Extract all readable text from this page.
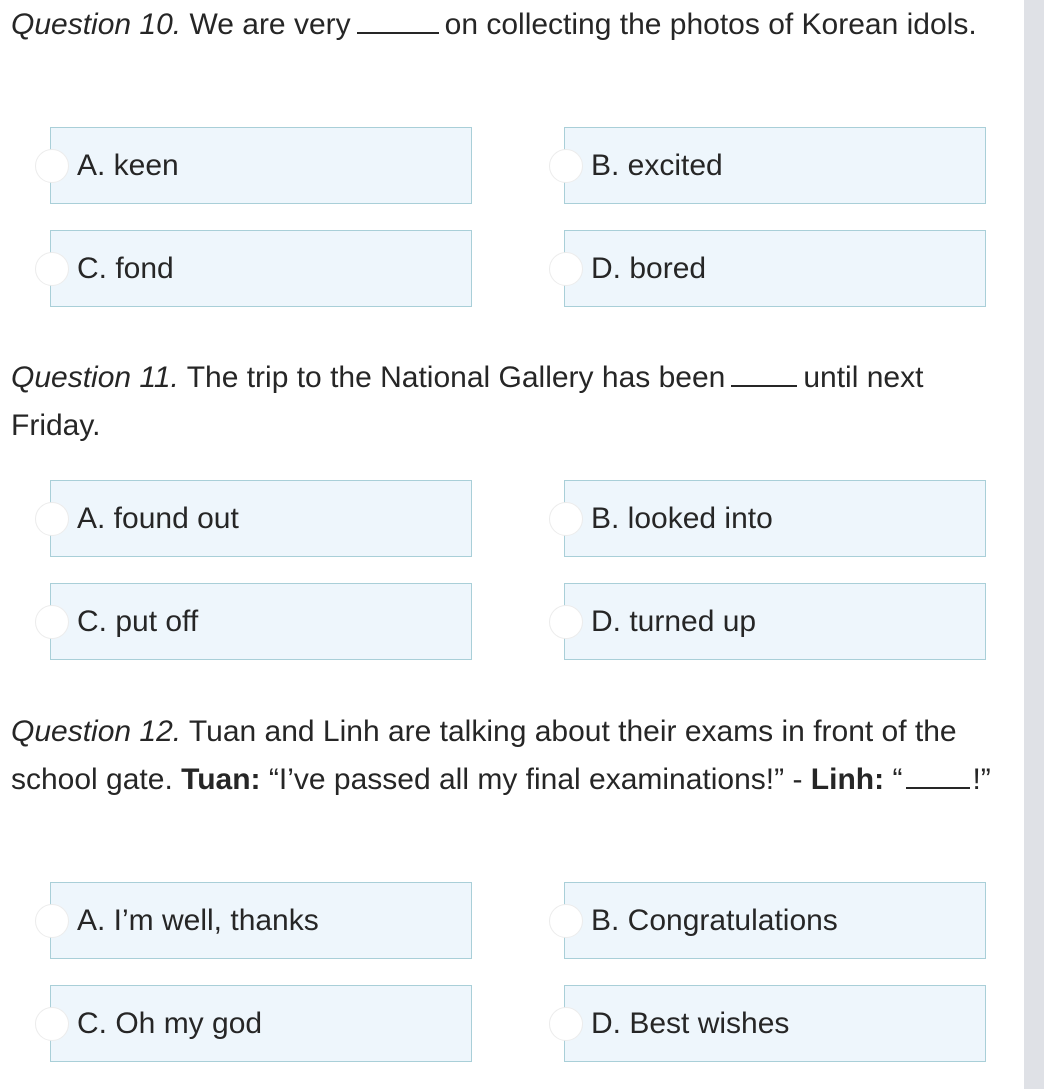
Question 10. We are very	on collecting the photos of Korean idols.
A. keen	B. excited
C. fond	D. bored
Question 11. The trip to the National Gallery has been	until next Friday.
A. found out	B. looked into
C. put off	D. turned up
Question 12. Tuan and Linh are talking about their exams in front of the school gate. Tuan: “I’ve passed all my final examinations!” - Linh: “ !”
A. I’m well, thanks	B. Congratulations
C. Oh my god	D. Best wishes
